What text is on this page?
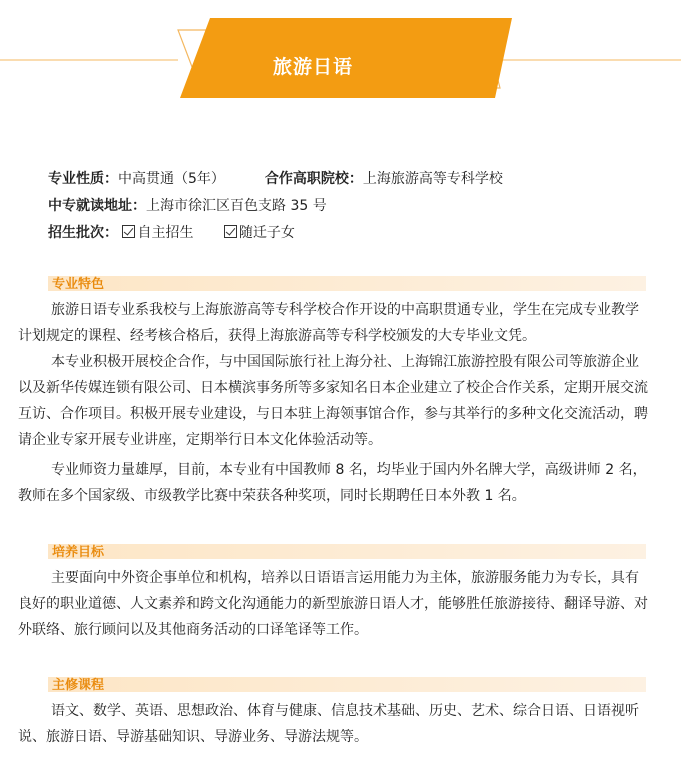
旅游日语
专业性质：中高贯通（5年）	合作高职院校：上海旅游高等专科学校
中专就读地址：上海市徐汇区百色支路 35 号
招生批次： 自主招生	随迁子女
专业特色
旅游日语专业系我校与上海旅游高等专科学校合作开设的中高职贯通专业，学生在完成专业教学计划规定的课程、经考核合格后，获得上海旅游高等专科学校颁发的大专毕业文凭。
本专业积极开展校企合作，与中国国际旅行社上海分社、上海锦江旅游控股有限公司等旅游企业以及新华传媒连锁有限公司、日本横滨事务所等多家知名日本企业建立了校企合作关系，定期开展交流互访、合作项目。积极开展专业建设，与日本驻上海领事馆合作，参与其举行的多种文化交流活动，聘请企业专家开展专业讲座，定期举行日本文化体验活动等。
专业师资力量雄厚，目前，本专业有中国教师 8 名，均毕业于国内外名牌大学，高级讲师 2 名，教师在多个国家级、市级教学比赛中荣获各种奖项，同时长期聘任日本外教 1 名。
培养目标
主要面向中外资企事单位和机构，培养以日语语言运用能力为主体，旅游服务能力为专长，具有良好的职业道德、人文素养和跨文化沟通能力的新型旅游日语人才，能够胜任旅游接待、翻译导游、对外联络、旅行顾问以及其他商务活动的口译笔译等工作。
主修课程
语文、数学、英语、思想政治、体育与健康、信息技术基础、历史、艺术、综合日语、日语视听说、旅游日语、导游基础知识、导游业务、导游法规等。
